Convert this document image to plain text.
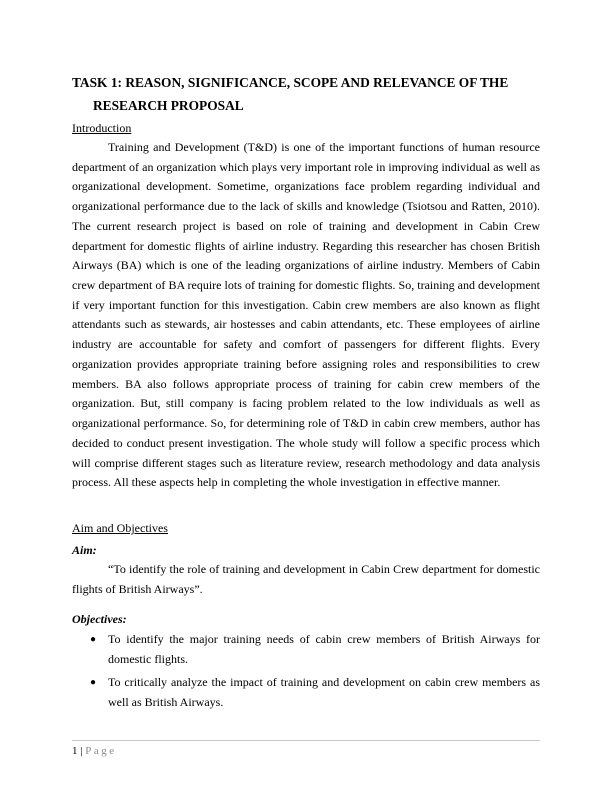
TASK 1: REASON, SIGNIFICANCE, SCOPE AND RELEVANCE OF THE
RESEARCH PROPOSAL

Introduction

Training and Development (T&D) is one of the important functions of human resource department of an organization which plays very important role in improving individual as well as organizational development. Sometime, organizations face problem regarding individual and organizational performance due to the lack of skills and knowledge (Tsiotsou and Ratten, 2010). The current research project is based on role of training and development in Cabin Crew department for domestic flights of airline industry. Regarding this researcher has chosen British Airways (BA) which is one of the leading organizations of airline industry. Members of Cabin crew department of BA require lots of training for domestic flights. So, training and development if very important function for this investigation. Cabin crew members are also known as flight attendants such as stewards, air hostesses and cabin attendants, etc. These employees of airline industry are accountable for safety and comfort of passengers for different flights. Every organization provides appropriate training before assigning roles and responsibilities to crew members. BA also follows appropriate process of training for cabin crew members of the organization. But, still company is facing problem related to the low individuals as well as organizational performance. So, for determining role of T&D in cabin crew members, author has decided to conduct present investigation. The whole study will follow a specific process which will comprise different stages such as literature review, research methodology and data analysis process. All these aspects help in completing the whole investigation in effective manner.

Aim and Objectives

Aim:

“To identify the role of training and development in Cabin Crew department for domestic flights of British Airways”.

Objectives:

● To identify the major training needs of cabin crew members of British Airways for domestic flights.
● To critically analyze the impact of training and development on cabin crew members as well as British Airways.
1 | Page
